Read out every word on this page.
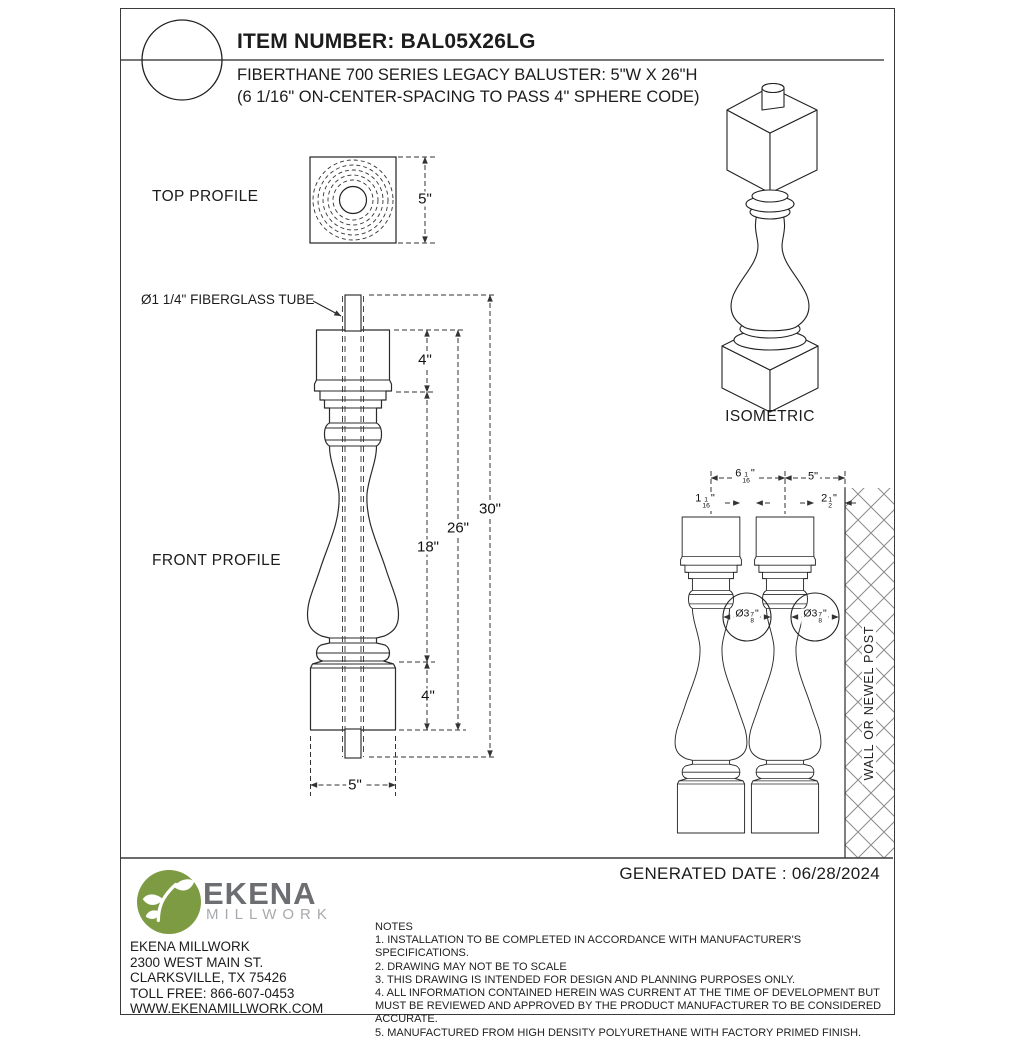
ITEM NUMBER: BAL05X26LG
FIBERTHANE 700 SERIES LEGACY BALUSTER: 5"W X 26"H
(6 1/16" ON-CENTER-SPACING TO PASS 4" SPHERE CODE)
TOP PROFILE
FRONT PROFILE
ISOMETRIC
Ø1 1/4" FIBERGLASS TUBE
5"
4"
18"
26"
30"
4"
5"
6 1
16
"	5"
1 1
16
"	2 1
2
"
Ø3 7
8
"	Ø3 7
8
"
WALL OR NEWEL POST
GENERATED DATE : 06/28/2024
EKENA
MILLWORK
EKENA MILLWORK
2300 WEST MAIN ST.
CLARKSVILLE, TX 75426
TOLL FREE: 866-607-0453
WWW.EKENAMILLWORK.COM
NOTES
1. INSTALLATION TO BE COMPLETED IN ACCORDANCE WITH MANUFACTURER'S SPECIFICATIONS.
2. DRAWING MAY NOT BE TO SCALE
3. THIS DRAWING IS INTENDED FOR DESIGN AND PLANNING PURPOSES ONLY.
4. ALL INFORMATION CONTAINED HEREIN WAS CURRENT AT THE TIME OF DEVELOPMENT BUT MUST BE REVIEWED AND APPROVED BY THE PRODUCT MANUFACTURER TO BE CONSIDERED ACCURATE.
5. MANUFACTURED FROM HIGH DENSITY POLYURETHANE WITH FACTORY PRIMED FINISH.
